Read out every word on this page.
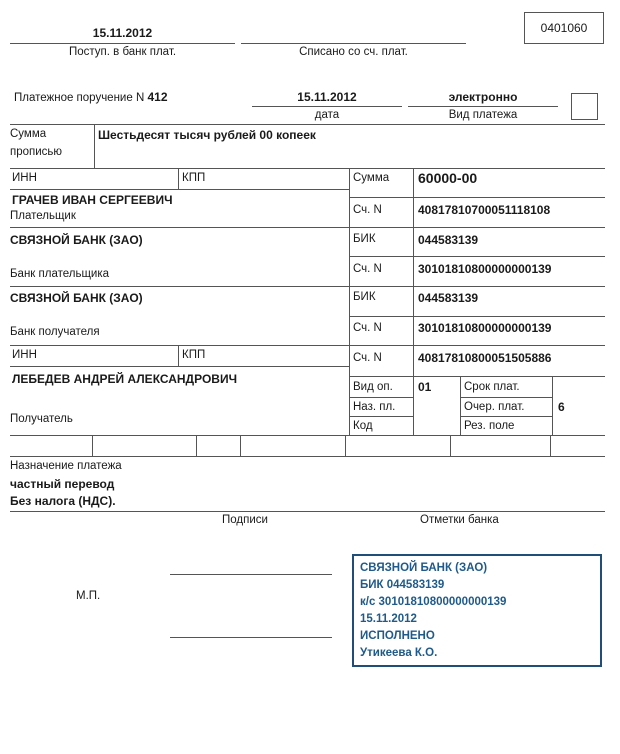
0401060
15.11.2012
Поступ. в банк плат.	Списано со сч. плат.
Платежное поручение N 412	15.11.2012
дата
электронно
Вид платежа
Сумма
прописью
Шестьдесят тысяч рублей 00 копеек
ИНН	КПП	Сумма 60000-00
ГРАЧЕВ ИВАН СЕРГЕЕВИЧ
Плательщик	Сч. N	40817810700051118108
СВЯЗНОЙ БАНК (ЗАО)
Банк плательщика
БИК	044583139
Сч. N	30101810800000000139
СВЯЗНОЙ БАНК (ЗАО)
Банк получателя
БИК	044583139
Сч. N	30101810800000000139
ИНН	КПП	Сч. N	40817810800051505886
ЛЕБЕДЕВ АНДРЕЙ АЛЕКСАНДРОВИЧ
Получатель
Вид оп. 01
Наз. пл.
Код
Срок плат.
Очер. плат.	6
Рез. поле
Назначение платежа
частный перевод
Без налога (НДС).
Подписи	Отметки банка
М.П.
СВЯЗНОЙ БАНК (ЗАО)
БИК 044583139
к/с 30101810800000000139
15.11.2012
ИСПОЛНЕНО
Утикеева К.О.
